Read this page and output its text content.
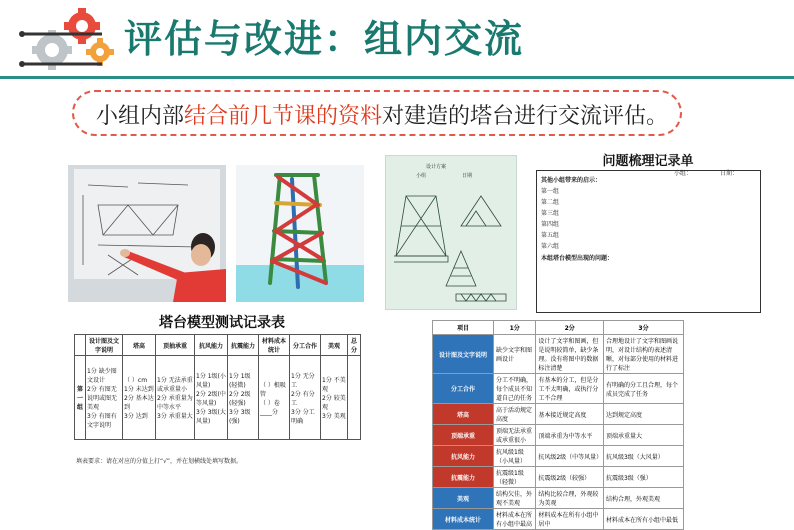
评估与改进：组内交流
小组内部结合前几节课的资料对建造的塔台进行交流评估。
设计方案
小组	日期
问题梳理记录单
小组：	日期：
其他小组带来的启示：
第一组
第二组
第三组
第四组
第五组
第六组
本组塔台模型出现的问题：
塔台模型测试记录表
	设计图及文字说明	塔高	顶抽承重	抗风能力	抗震能力	材料成本统计	分工合作	美观	总分
第一组	1分 缺少图文设计
2分 有图无说明或图无美观
3分 有图有文字说明	（ ）cm
1分 未达到
2分 基本达到
3分 达到	1分 无法承重或承重量小
2分 承重量为中等水平
3分 承重量大	1分 1级(小风量)
2分 2级(中等风量)
3分 3级(大风量)	1分 1级(轻微)
2分 2级(轻强)
3分 3级(强)	（ ）根吸管
（ ）卷
____分	1分 无分工
2分 有分工
3分 分工明确	1分 不美观
2分 较美观
3分 美观	
填表要求：请在对应的分值上打“√”，并在划横线处填写数据。
项目	1分	2分	3分
设计图及文字说明	缺少文字和图画设计	设计了文字和图画，但是说明较简单，缺少条理。没有将图中的数据标注清楚	合理地设计了文字和图画说明，对设计结构的表述清晰，对每部分使用的材料进行了标注
分工合作	分工不明确，每个成员不知道自己的任务	有基本的分工，但是分工不太明确，或执行分工不合理	有明确的分工且合理，每个成员完成了任务
塔高	高于活动规定高度	基本接近规定高度	达到规定高度
顶端承重	顶端无法承重或承重很小	顶端承重为中等水平	顶端承重量大
抗风能力	抗风级1级（小风量）	抗风级2级（中等风量）	抗风级3级（大风量）
抗震能力	抗震级1级（轻微）	抗震级2级（较强）	抗震级3级（强）
美观	结构欠佳，外观不美观	结构比较合理，外观较为美观	结构合理，外观美观
材料成本统计	材料成本在所有小组中最高	材料成本在所有小组中居中	材料成本在所有小组中最低
